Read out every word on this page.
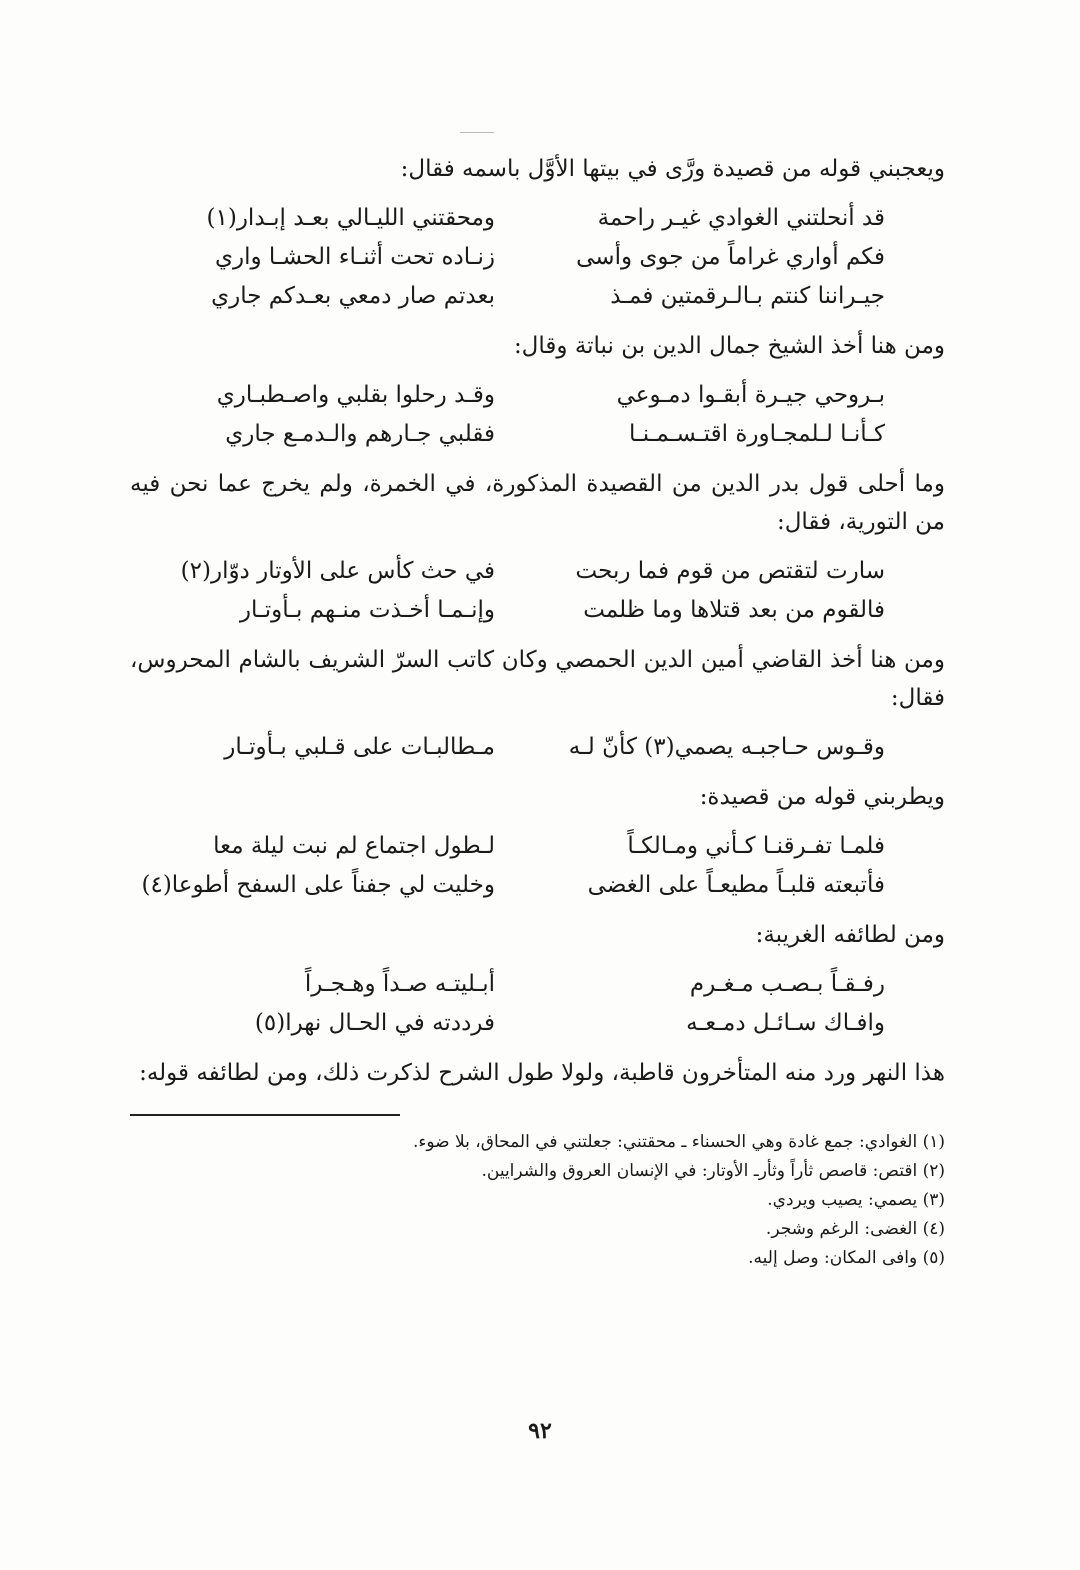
ويعجبني قوله من قصيدة ورَّى في بيتها الأوَّل باسمه فقال:

قد أنحلتني الغوادي غيـر راحمة
ومحقتني الليـالي بعـد إبـدار(١)
فكم أواري غراماً من جوى وأسى
زنـاده تحت أثنـاء الحشـا واري
جيـراننا كنتم بـالـرقمتين فمـذ
بعدتم صار دمعي بعـدكم جاري

ومن هنا أخذ الشيخ جمال الدين بن نباتة وقال:

بـروحي جيـرة أبقـوا دمـوعي
وقـد رحلوا بقلبي واصـطبـاري
كـأنـا لـلمجـاورة اقتـسـمـنـا
فقلبي جـارهم والـدمـع جاري

وما أحلى قول بدر الدين من القصيدة المذكورة، في الخمرة، ولم يخرج عما نحن فيه من التورية، فقال:

سارت لتقتص من قوم فما ربحت
في حث كأس على الأوتار دوّار(٢)
فالقوم من بعد قتلاها وما ظلمت
وإنـمـا أخـذت منـهم بـأوتـار

ومن هنا أخذ القاضي أمين الدين الحمصي وكان كاتب السرّ الشريف بالشام المحروس، فقال:

وقـوس حـاجبـه يصمي(٣) كأنّ لـه
مـطالبـات على قـلبي بـأوتـار

ويطربني قوله من قصيدة:

فلمـا تفـرقنـا كـأني ومـالكـاً
لـطول اجتماع لم نبت ليلة معا
فأتبعته قلبـاً مطيعـاً على الغضى
وخليت لي جفناً على السفح أطوعا(٤)

ومن لطائفه الغريبة:

رفـقـاً بـصـب مـغـرم
أبـليتـه صـداً وهـجـراً
وافـاك سـائـل دمـعـه
فرددته في الحـال نهرا(٥)

هذا النهر ورد منه المتأخرون قاطبة، ولولا طول الشرح لذكرت ذلك، ومن لطائفه قوله:

(١) الغوادي: جمع غادة وهي الحسناء ـ محقتني: جعلتني في المحاق، بلا ضوء.
(٢) اقتص: قاصص ثأراً وثأرـ الأوتار: في الإنسان العروق والشرايين.
(٣) يصمي: يصيب ويردي.
(٤) الغضى: الرغم وشجر.
(٥) وافى المكان: وصل إليه.
٩٢
